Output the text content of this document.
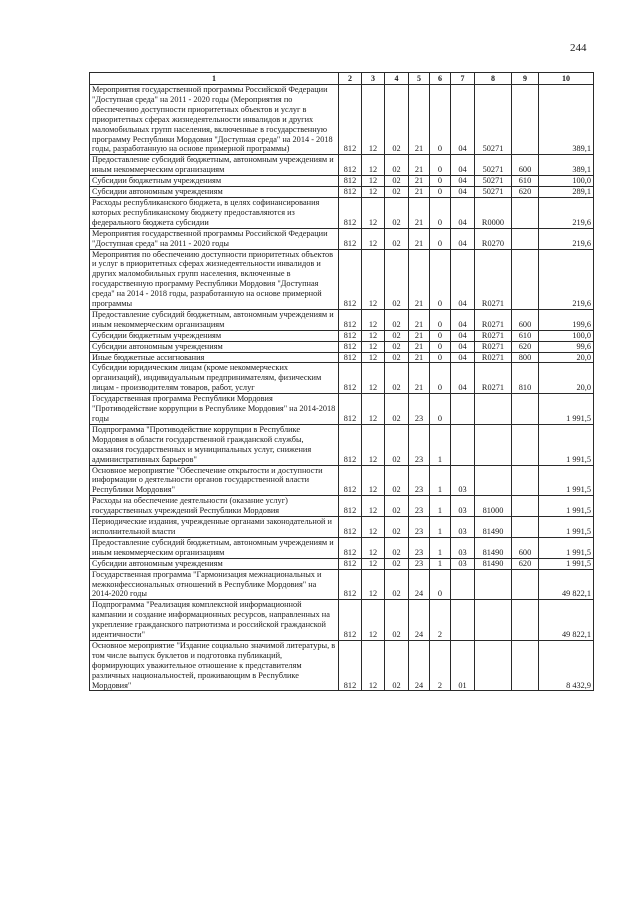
244
1	2	3	4	5	6	7	8	9	10
Мероприятия государственной программы Российской Федерации "Доступная среда" на 2011 - 2020 годы (Мероприятия по обеспечению доступности приоритетных объектов и услуг в приоритетных сферах жизнедеятельности инвалидов и других маломобильных групп населения, включенные в государственную программу Республики Мордовия "Доступная среда" на 2014 - 2018 годы, разработанную на основе примерной программы)	812	12	02	21	0	04	50271		389,1
Предоставление субсидий бюджетным, автономным учреждениям и иным некоммерческим организациям	812	12	02	21	0	04	50271	600	389,1
Субсидии бюджетным учреждениям	812	12	02	21	0	04	50271	610	100,0
Субсидии автономным учреждениям	812	12	02	21	0	04	50271	620	289,1
Расходы республиканского бюджета, в целях софинансирования которых республиканскому бюджету предоставляются из федерального бюджета субсидии	812	12	02	21	0	04	R0000		219,6
Мероприятия государственной программы Российской Федерации "Доступная среда" на 2011 - 2020 годы	812	12	02	21	0	04	R0270		219,6
Мероприятия по обеспечению доступности приоритетных объектов и услуг в приоритетных сферах жизнедеятельности инвалидов и других маломобильных групп населения, включенные в государственную программу Республики Мордовия "Доступная среда" на 2014 - 2018 годы, разработанную на основе примерной программы	812	12	02	21	0	04	R0271		219,6
Предоставление субсидий бюджетным, автономным учреждениям и иным некоммерческим организациям	812	12	02	21	0	04	R0271	600	199,6
Субсидии бюджетным учреждениям	812	12	02	21	0	04	R0271	610	100,0
Субсидии автономным учреждениям	812	12	02	21	0	04	R0271	620	99,6
Иные бюджетные ассигнования	812	12	02	21	0	04	R0271	800	20,0
Субсидии юридическим лицам (кроме некоммерческих организаций), индивидуальным предпринимателям, физическим лицам - производителям товаров, работ, услуг	812	12	02	21	0	04	R0271	810	20,0
Государственная программа Республики Мордовия "Противодействие коррупции в Республике Мордовия" на 2014-2018 годы	812	12	02	23	0				1 991,5
Подпрограмма "Противодействие коррупции в Республике Мордовия в области государственной гражданской службы, оказания государственных и муниципальных услуг, снижения административных барьеров"	812	12	02	23	1				1 991,5
Основное мероприятие "Обеспечение открытости и доступности информации о деятельности органов государственной власти Республики Мордовия"	812	12	02	23	1	03			1 991,5
Расходы на обеспечение деятельности (оказание услуг) государственных учреждений Республики Мордовия	812	12	02	23	1	03	81000		1 991,5
Периодические издания, учрежденные органами законодательной и исполнительной власти	812	12	02	23	1	03	81490		1 991,5
Предоставление субсидий бюджетным, автономным учреждениям и иным некоммерческим организациям	812	12	02	23	1	03	81490	600	1 991,5
Субсидии автономным учреждениям	812	12	02	23	1	03	81490	620	1 991,5
Государственная программа "Гармонизация межнациональных и межконфессиональных отношений в Республике Мордовия" на 2014-2020 годы	812	12	02	24	0				49 822,1
Подпрограмма "Реализация комплексной информационной кампании и создание информационных ресурсов, направленных на укрепление гражданского патриотизма и российской гражданской идентичности"	812	12	02	24	2				49 822,1
Основное мероприятие "Издание социально значимой литературы, в том числе выпуск буклетов и подготовка публикаций, формирующих уважительное отношение к представителям различных национальностей, проживающим в Республике Мордовия"	812	12	02	24	2	01			8 432,9
